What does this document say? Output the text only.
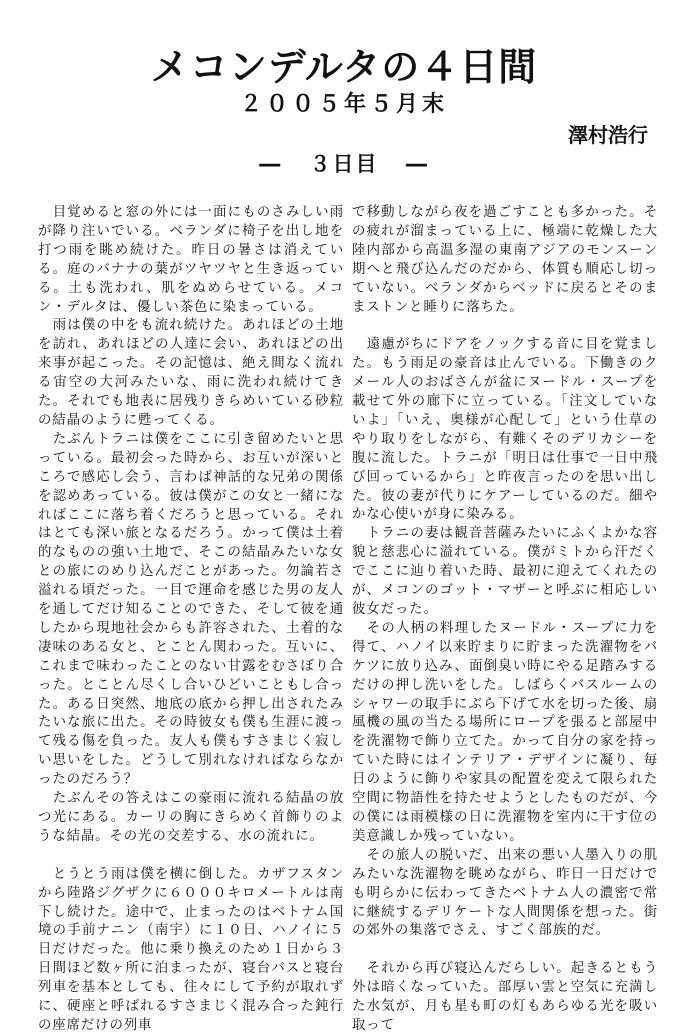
メコンデルタの４日間
２００５年５月末
澤村浩行
― ３日目 ―

目覚めると窓の外には一面にものさみしい雨が降り注いでいる。ベランダに椅子を出し地を打つ雨を眺め続けた。昨日の暑さは消えている。庭のバナナの葉がツヤツヤと生き返っている。土も洗われ、肌をぬめらせている。メコン・デルタは、優しい茶色に染まっている。

雨は僕の中をも流れ続けた。あれほどの土地を訪れ、あれほどの人達に会い、あれほどの出来事が起こった。その記憶は、絶え間なく流れる宙空の大河みたいな、雨に洗われ続けてきた。それでも地表に居残りきらめいている砂粒の結晶のように甦ってくる。

たぶんトラニは僕をここに引き留めたいと思っている。最初会った時から、お互いが深いところで感応し会う、言わば神話的な兄弟の関係を認めあっている。彼は僕がこの女と一緒になればここに落ち着くだろうと思っている。それはとても深い旅となるだろう。かって僕は土着的なものの強い土地で、そこの結晶みたいな女との旅にのめり込んだことがあった。勿論若さ溢れる頃だった。一目で運命を感じた男の友人を通してだけ知ることのできた、そして彼を通したから現地社会からも許容された、土着的な凄味のある女と、とことん関わった。互いに、これまで味わったことのない甘露をむさぼり合った。とことん尽くし合いひどいこともし合った。ある日突然、地底の底から押し出されたみたいな旅に出た。その時彼女も僕も生涯に渡って残る傷を負った。友人も僕もすさまじく寂しい思いをした。どうして別れなければならなかったのだろう？

たぶんその答えはこの豪雨に流れる結晶の放つ光にある。カーリの胸にきらめく首飾りのような結晶。その光の交差する、水の流れに。

とうとう雨は僕を横に倒した。カザフスタンから陸路ジグザクに６０００キロメートルは南下し続けた。途中で、止まったのはベトナム国境の手前ナニン（南宇）に１０日、ハノイに５日だけだった。他に乗り換えのため１日から３日間ほど数ヶ所に泊まったが、寝台バスと寝台列車を基本としても、往々にして予約が取れずに、硬座と呼ばれるすさまじく混み合った鈍行の座席だけの列車

で移動しながら夜を過ごすことも多かった。その疲れが溜まっている上に、極端に乾燥した大陸内部から高温多湿の東南アジアのモンスーン期へと飛び込んだのだから、体質も順応し切っていない。ベランダからベッドに戻るとそのままストンと睡りに落ちた。

遠慮がちにドアをノックする音に目を覚ました。もう雨足の豪音は止んでいる。下働きのクメール人のおばさんが盆にヌードル・スープを載せて外の廊下に立っている。「注文していないよ」「いえ、奥様が心配して」という仕草のやり取りをしながら、有難くそのデリカシーを腹に流した。トラニが「明日は仕事で一日中飛び回っているから」と昨夜言ったのを思い出した。彼の妻が代りにケアーしているのだ。細やかな心使いが身に染みる。

トラニの妻は観音菩薩みたいにふくよかな容貌と慈悲心に溢れている。僕がミトから汗だくでここに辿り着いた時、最初に迎えてくれたのが、メコンのゴット・マザーと呼ぶに相応しい彼女だった。

その人柄の料理したヌードル・スープに力を得て、ハノイ以来貯まりに貯まった洗濯物をバケツに放り込み、面倒臭い時にやる足踏みするだけの押し洗いをした。しばらくバスルームのシャワーの取手にぶら下げて水を切った後、扇風機の風の当たる場所にロープを張ると部屋中を洗濯物で飾り立てた。かって自分の家を持っていた時にはインテリア・デザインに凝り、毎日のように飾りや家具の配置を変えて限られた空間に物語性を持たせようとしたものだが、今の僕には雨模様の日に洗濯物を室内に干す位の美意識しか残っていない。

その旅人の脱いだ、出来の悪い人墨入りの肌みたいな洗濯物を眺めながら、昨日一日だけでも明らかに伝わってきたベトナム人の濃密で常に継続するデリケートな人間関係を想った。街の郊外の集落でさえ、すごく部族的だ。

それから再び寝込んだらしい。起きるともう外は暗くなっていた。部厚い雲と空気に充満した水気が、月も星も町の灯もあらゆる光を吸い取って
